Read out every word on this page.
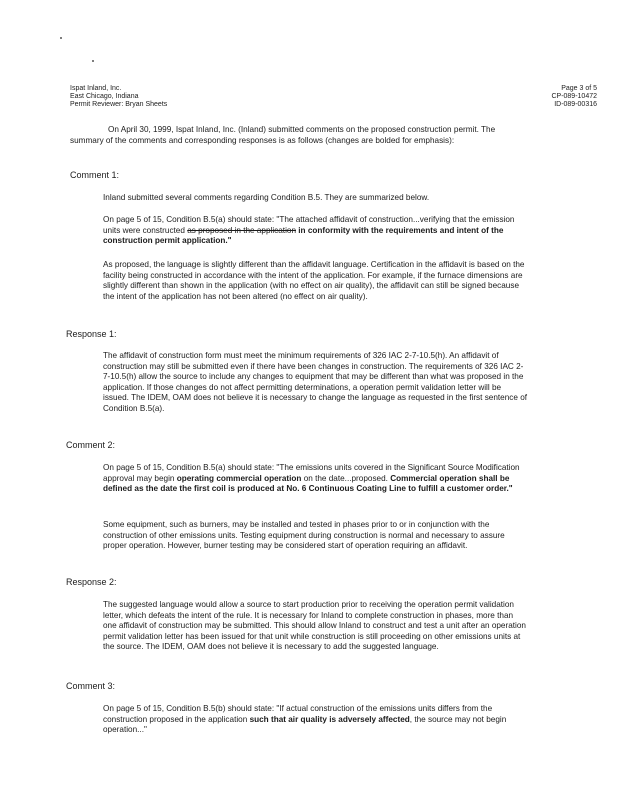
Ispat Inland, Inc.
East Chicago, Indiana
Permit Reviewer: Bryan Sheets
Page 3 of 5
CP-089-10472
ID-089-00316
On April 30, 1999, Ispat Inland, Inc. (Inland) submitted comments on the proposed construction permit. The summary of the comments and corresponding responses is as follows (changes are bolded for emphasis):
Comment 1:
Inland submitted several comments regarding Condition B.5. They are summarized below.
On page 5 of 15, Condition B.5(a) should state: "The attached affidavit of construction...verifying that the emission units were constructed as proposed in the application in conformity with the requirements and intent of the construction permit application."
As proposed, the language is slightly different than the affidavit language. Certification in the affidavit is based on the facility being constructed in accordance with the intent of the application. For example, if the furnace dimensions are slightly different than shown in the application (with no effect on air quality), the affidavit can still be signed because the intent of the application has not been altered (no effect on air quality).
Response 1:
The affidavit of construction form must meet the minimum requirements of 326 IAC 2-7-10.5(h). An affidavit of construction may still be submitted even if there have been changes in construction. The requirements of 326 IAC 2-7-10.5(h) allow the source to include any changes to equipment that may be different than what was proposed in the application. If those changes do not affect permitting determinations, a operation permit validation letter will be issued. The IDEM, OAM does not believe it is necessary to change the language as requested in the first sentence of Condition B.5(a).
Comment 2:
On page 5 of 15, Condition B.5(a) should state: "The emissions units covered in the Significant Source Modification approval may begin operating commercial operation on the date...proposed. Commercial operation shall be defined as the date the first coil is produced at No. 6 Continuous Coating Line to fulfill a customer order."
Some equipment, such as burners, may be installed and tested in phases prior to or in conjunction with the construction of other emissions units. Testing equipment during construction is normal and necessary to assure proper operation. However, burner testing may be considered start of operation requiring an affidavit.
Response 2:
The suggested language would allow a source to start production prior to receiving the operation permit validation letter, which defeats the intent of the rule. It is necessary for Inland to complete construction in phases, more than one affidavit of construction may be submitted. This should allow Inland to construct and test a unit after an operation permit validation letter has been issued for that unit while construction is still proceeding on other emissions units at the source. The IDEM, OAM does not believe it is necessary to add the suggested language.
Comment 3:
On page 5 of 15, Condition B.5(b) should state: "If actual construction of the emissions units differs from the construction proposed in the application such that air quality is adversely affected, the source may not begin operation..."
